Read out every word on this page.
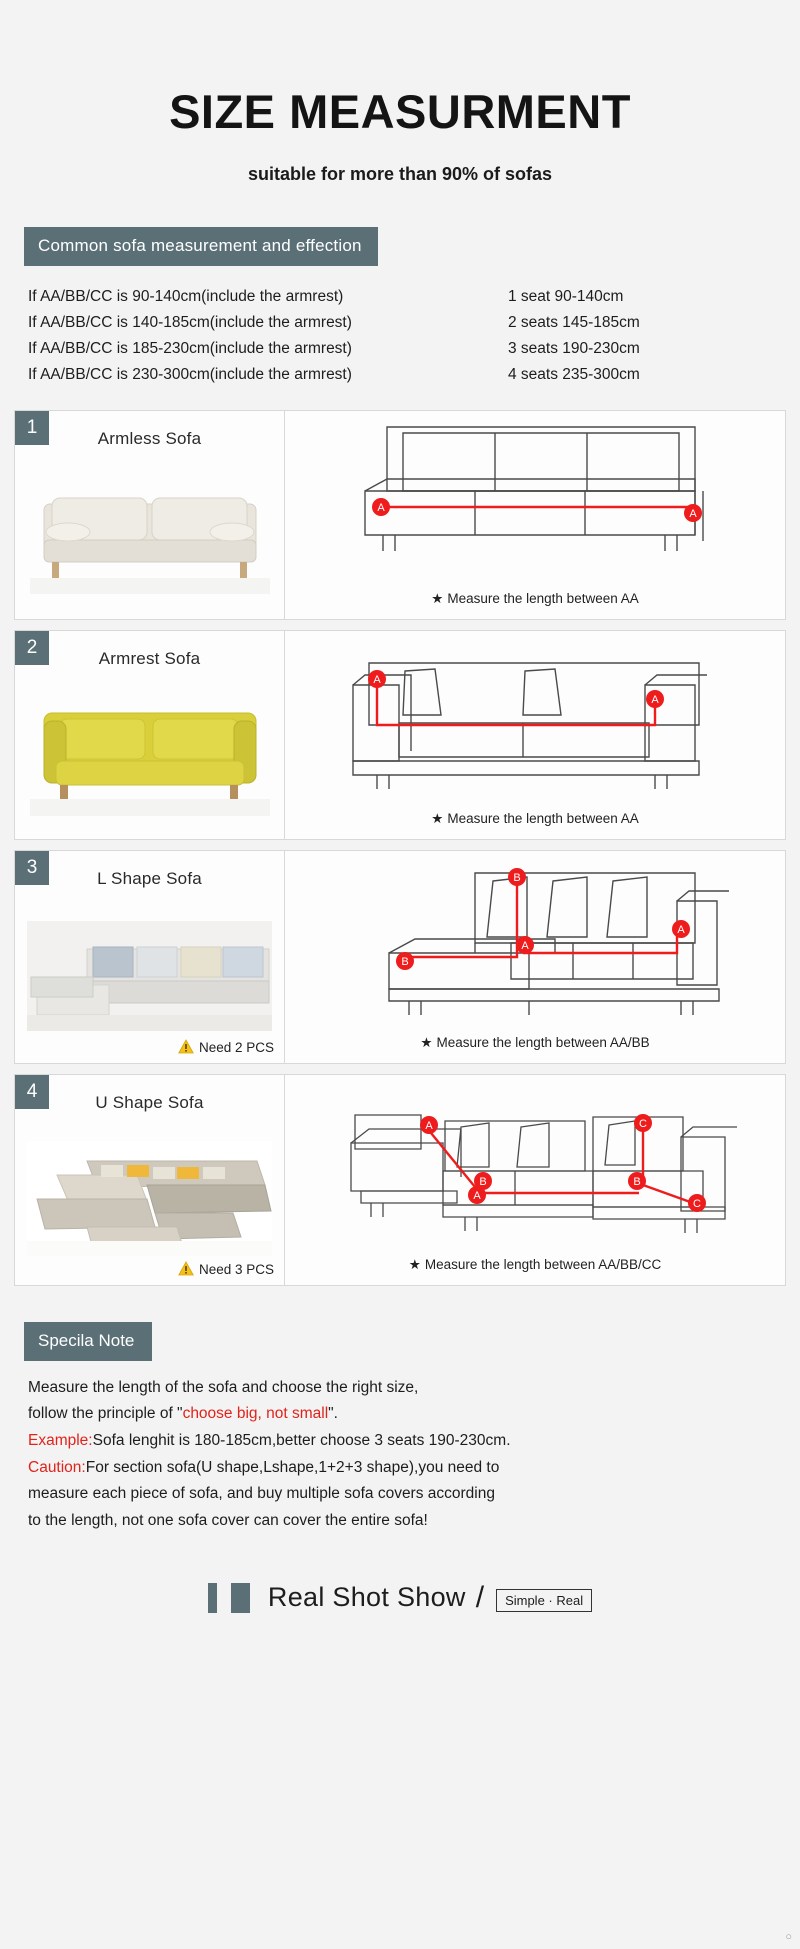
SIZE MEASURMENT
suitable for more than 90% of sofas
Common sofa measurement and effection
If AA/BB/CC is 90-140cm(include the armrest)	1 seat 90-140cm
If AA/BB/CC is 140-185cm(include the armrest)	2 seats 145-185cm
If AA/BB/CC is 185-230cm(include the armrest)	3 seats 190-230cm
If AA/BB/CC is 230-300cm(include the armrest)	4 seats 235-300cm
1
Armless Sofa
A	A
★ Measure the length between AA
2
Armrest Sofa
A
A
★ Measure the length between AA
3
L Shape Sofa
Need 2 PCS
B
B
A
A
★ Measure the length between AA/BB
4
U Shape Sofa
Need 3 PCS
A
A
B	B
C
C
★ Measure the length between AA/BB/CC
Specila Note
Measure the length of the sofa and choose the right size,
follow the principle of "choose big, not small".
Example:Sofa lenghit is 180-185cm,better choose 3 seats 190-230cm.
Caution:For section sofa(U shape,Lshape,1+2+3 shape),you need to
measure each piece of sofa, and buy multiple sofa covers according
to the length, not one sofa cover can cover the entire sofa!
Real Shot Show /	Simple · Real
○
